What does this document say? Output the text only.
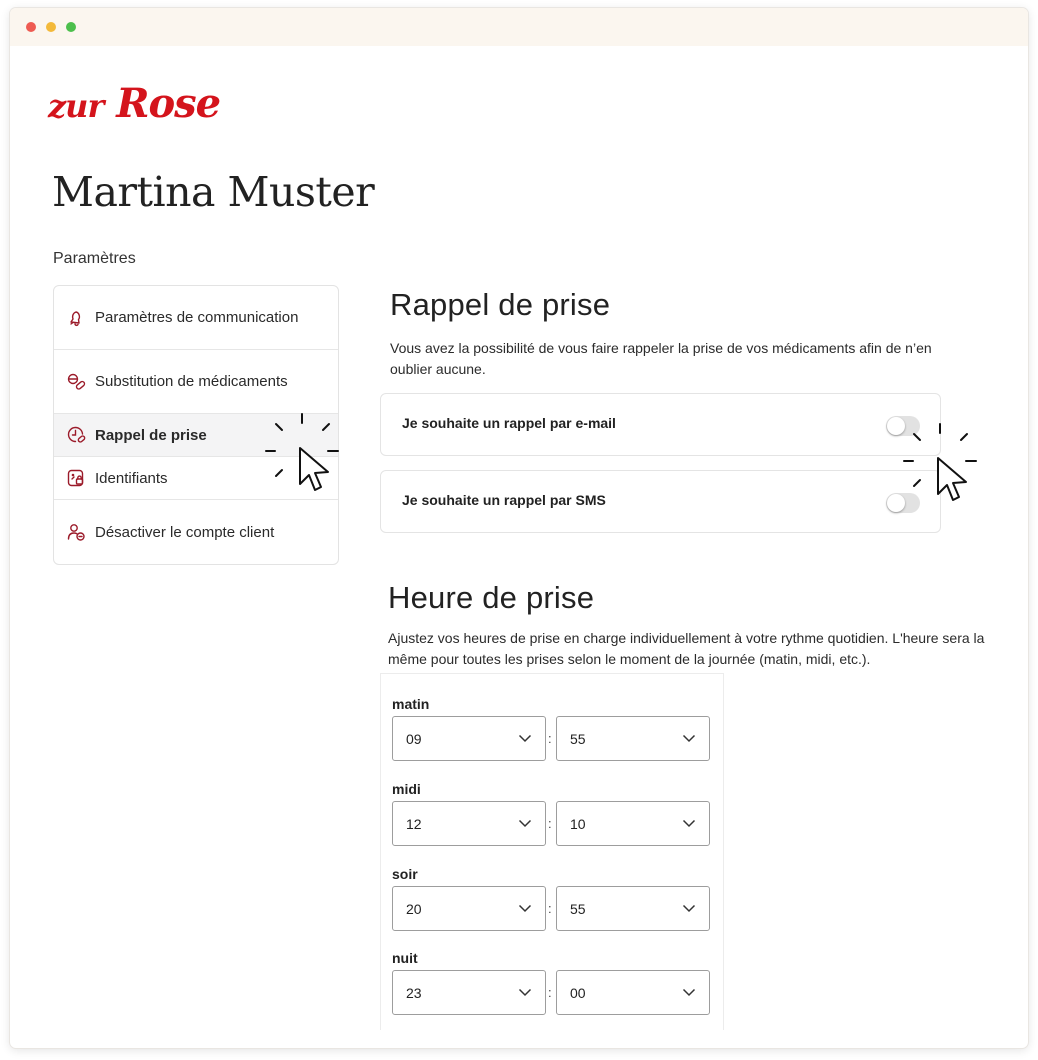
zur Rose
Martina Muster
Paramètres
Paramètres de communication
Substitution de médicaments
Rappel de prise
Identifiants
Désactiver le compte client
Rappel de prise
Vous avez la possibilité de vous faire rappeler la prise de vos médicaments afin de n’en oublier aucune.
Je souhaite un rappel par e-mail
Je souhaite un rappel par SMS
Heure de prise
Ajustez vos heures de prise en charge individuellement à votre rythme quotidien. L'heure sera la même pour toutes les prises selon le moment de la journée (matin, midi, etc.).
matin
09	: 55
midi
12	: 10
soir
20	: 55
nuit
23	: 00
